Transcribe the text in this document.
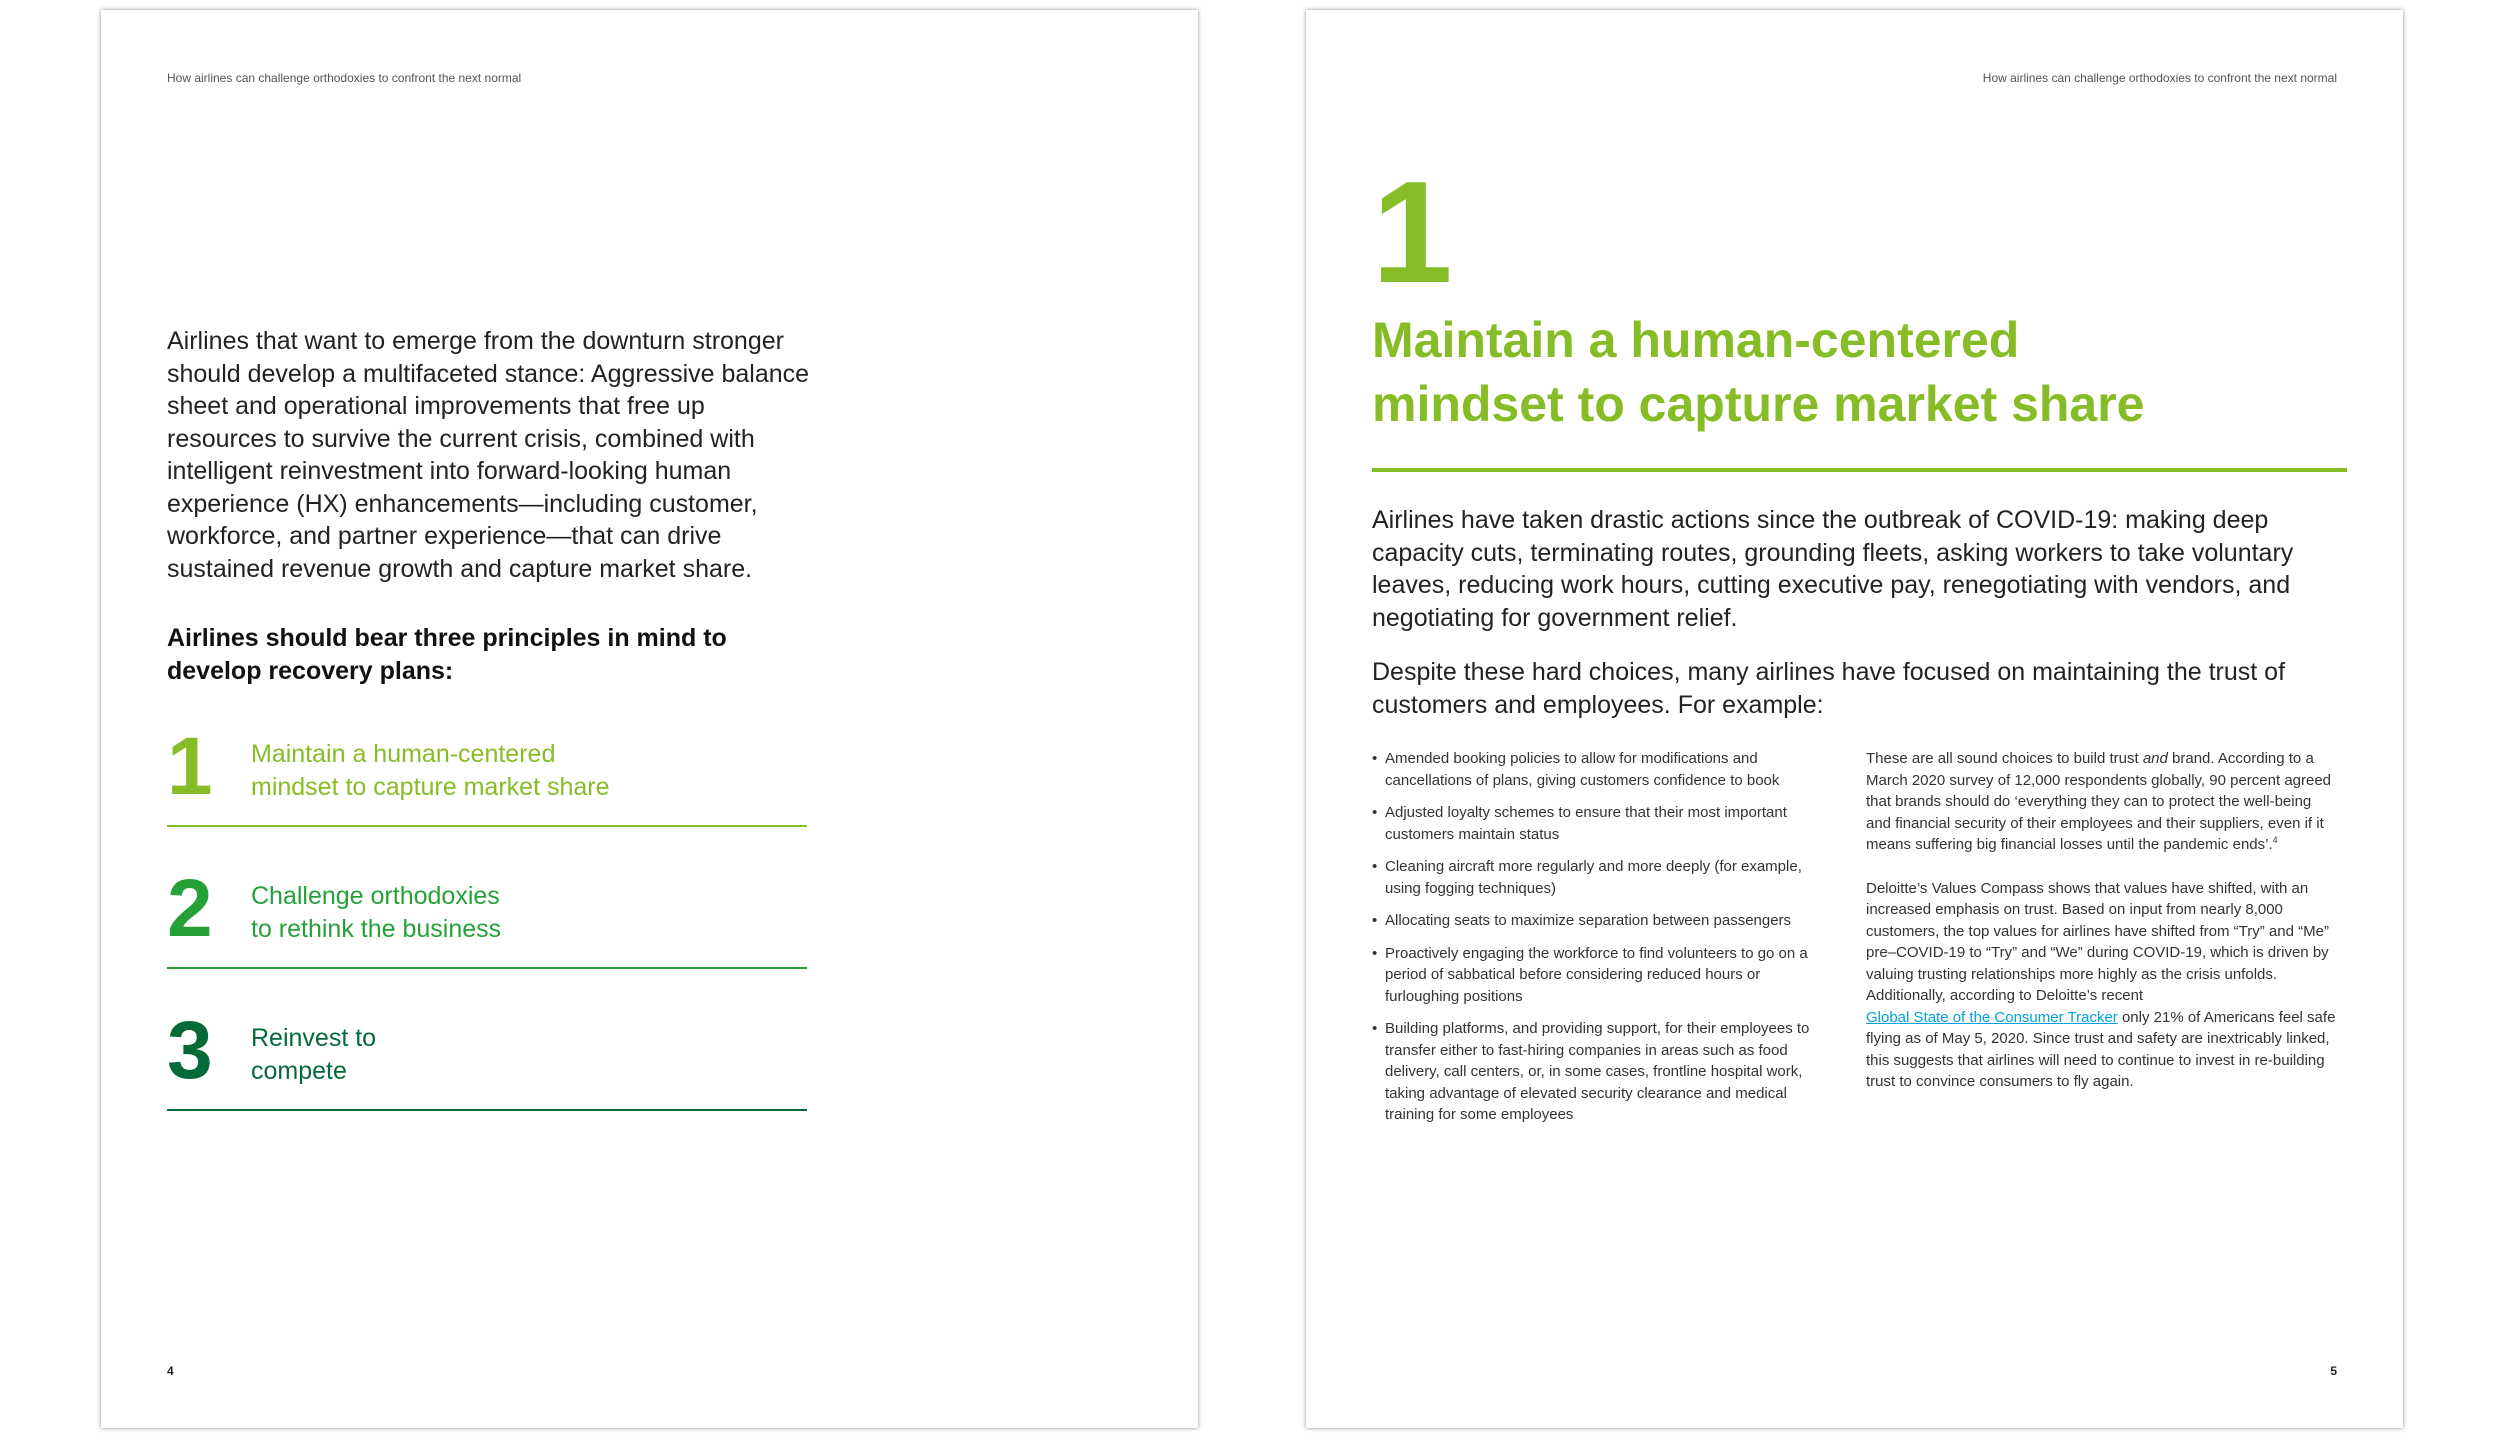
How airlines can challenge orthodoxies to confront the next normal
Airlines that want to emerge from the downturn stronger should develop a multifaceted stance: Aggressive balance sheet and operational improvements that free up resources to survive the current crisis, combined with intelligent reinvestment into forward-looking human experience (HX) enhancements—including customer, workforce, and partner experience—that can drive sustained revenue growth and capture market share.
Airlines should bear three principles in mind to develop recovery plans:
1 Maintain a human-centered
mindset to capture market share
2 Challenge orthodoxies
to rethink the business
3 Reinvest to
compete
4
How airlines can challenge orthodoxies to confront the next normal
1
Maintain a human-centered
mindset to capture market share
Airlines have taken drastic actions since the outbreak of COVID-19: making deep capacity cuts, terminating routes, grounding fleets, asking workers to take voluntary leaves, reducing work hours, cutting executive pay, renegotiating with vendors, and negotiating for government relief.
Despite these hard choices, many airlines have focused on maintaining the trust of customers and employees. For example:
• Amended booking policies to allow for modifications and cancellations of plans, giving customers confidence to book
• Adjusted loyalty schemes to ensure that their most important customers maintain status
• Cleaning aircraft more regularly and more deeply (for example, using fogging techniques)
• Allocating seats to maximize separation between passengers
• Proactively engaging the workforce to find volunteers to go on a period of sabbatical before considering reduced hours or furloughing positions
• Building platforms, and providing support, for their employees to transfer either to fast-hiring companies in areas such as food delivery, call centers, or, in some cases, frontline hospital work, taking advantage of elevated security clearance and medical training for some employees

These are all sound choices to build trust and brand. According to a March 2020 survey of 12,000 respondents globally, 90 percent agreed that brands should do ‘everything they can to protect the well-being and financial security of their employees and their suppliers, even if it means suffering big financial losses until the pandemic ends’.$^4$

Deloitte’s Values Compass shows that values have shifted, with an increased emphasis on trust. Based on input from nearly 8,000 customers, the top values for airlines have shifted from “Try” and “Me” pre–COVID-19 to “Try” and “We” during COVID-19, which is driven by valuing trusting relationships more highly as the crisis unfolds. Additionally, according to Deloitte’s recent
Global State of the Consumer Tracker only 21% of Americans feel safe flying as of May 5, 2020. Since trust and safety are inextricably linked, this suggests that airlines will need to continue to invest in re-building trust to convince consumers to fly again.

5
